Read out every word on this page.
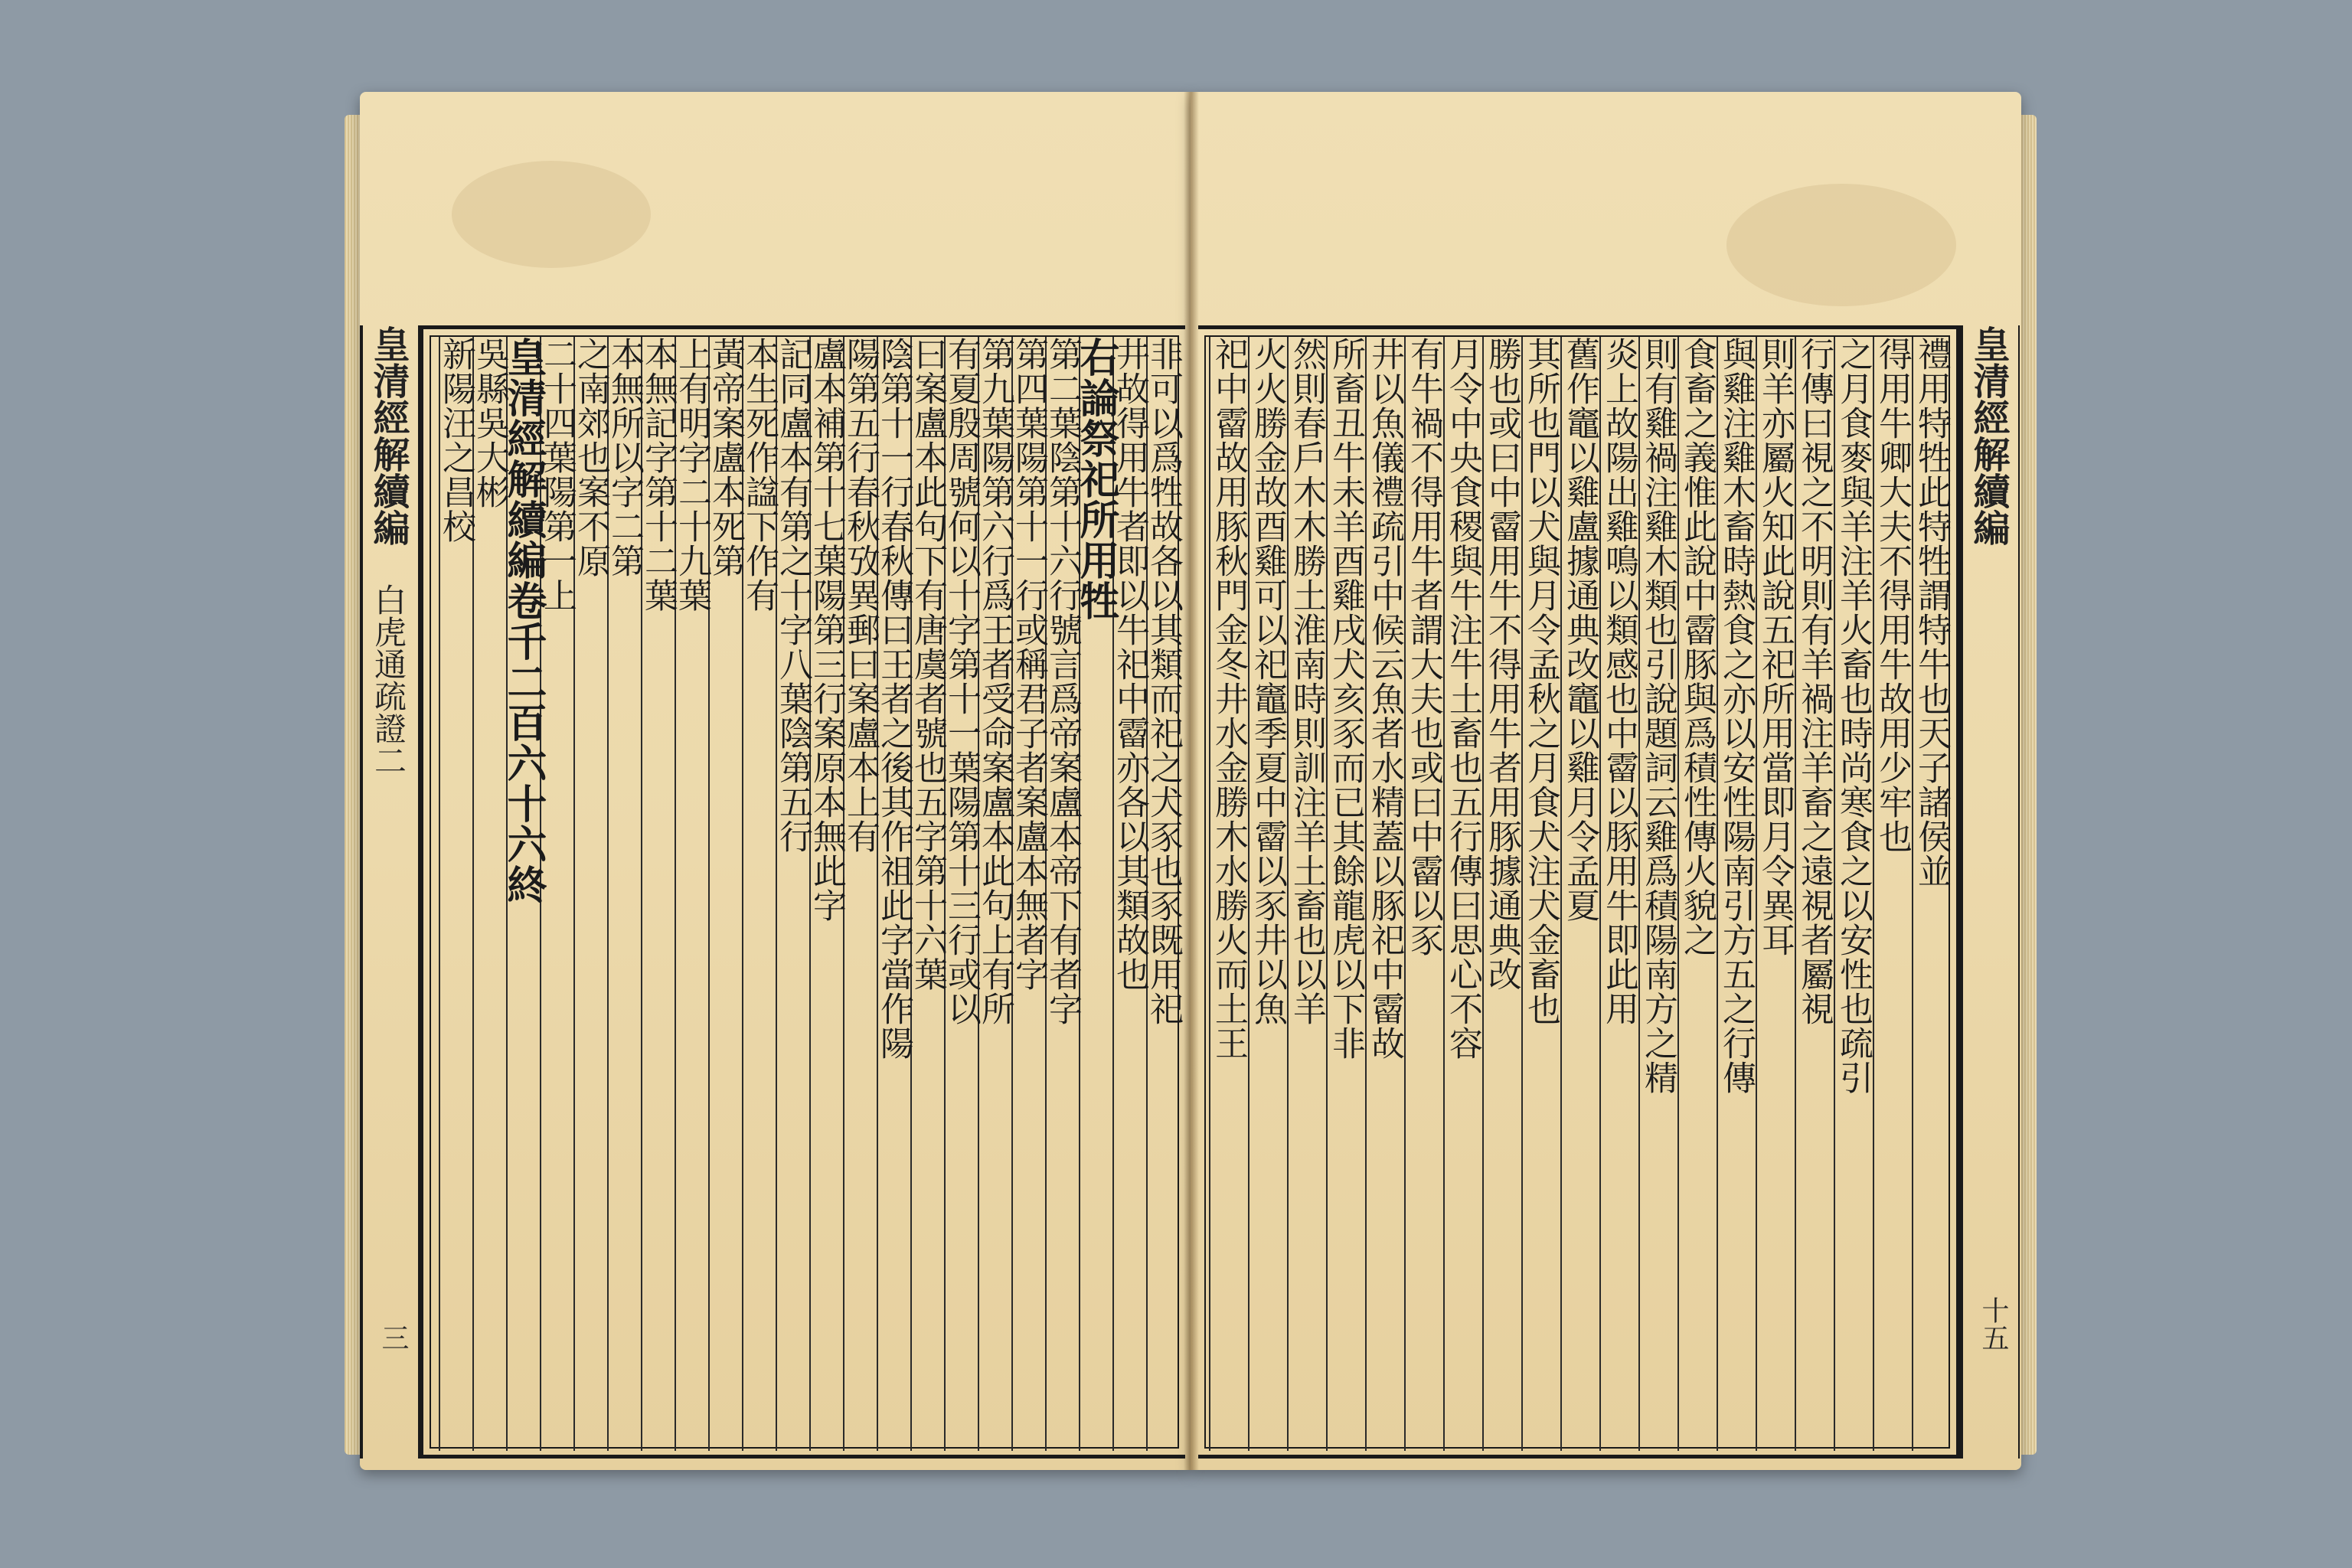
皇清經解續編 白虎通疏證二
三
非可以爲牲故各以其類而祀之犬豕也豕既用祀
井故得用牛者即以牛祀中霤亦各以其類故也
右論祭祀所用牲
第二葉陰第十六行號言爲帝案盧本帝下有者字
第四葉陽第十一行或稱君子者案盧本無者字
第九葉陽第六行爲王者受命案盧本此句上有所
有夏殷周號何以十字第十一葉陽第十三行或以
曰案盧本此句下有唐虞者號也五字第十六葉
陰第十一行春秋傳曰王者之後其作祖此字當作陽
陽第五行春秋攷異郵曰案盧本上有
盧本補第十七葉陽第三行案原本無此字
記同盧本有第之十字八葉陰第五行
本生死作諡下作有
黃帝案盧本死第
上有明字二十九葉
本無記字第十二葉
本無所以字二第
之南郊也案不原
二十四葉陽第一上
皇清經解續編卷千二百六十六終
吳縣吳大彬
新陽汪之昌校	禮用特牲此特牲謂特牛也天子諸侯並
得用牛卿大夫不得用牛故用少牢也
之月食麥與羊注羊火畜也時尚寒食之以安性也疏引
行傳曰視之不明則有羊禍注羊畜之遠視者屬視
則羊亦屬火知此說五祀所用當即月令異耳
與雞注雞木畜時熱食之亦以安性陽南引方五之行傳
食畜之義惟此說中霤豚與爲積性傳火貌之
則有雞禍注雞木類也引說題詞云雞爲積陽南方之精
炎上故陽出雞鳴以類感也中霤以豚用牛即此用
舊作竈以雞盧據通典改竈以雞月令孟夏
其所也門以犬與月令孟秋之月食犬注犬金畜也
勝也或曰中霤用牛不得用牛者用豚據通典改
月令中央食稷與牛注牛土畜也五行傳曰思心不容
有牛禍不得用牛者謂大夫也或曰中霤以豕
井以魚儀禮疏引中候云魚者水精蓋以豚祀中霤故
所畜丑牛未羊酉雞戌犬亥豕而已其餘龍虎以下非
然則春戶木木勝土淮南時則訓注羊土畜也以羊
火火勝金故酉雞可以祀竈季夏中霤以豕井以魚
祀中霤故用豚秋門金冬井水金勝木水勝火而土王	皇清經解續編
十五
